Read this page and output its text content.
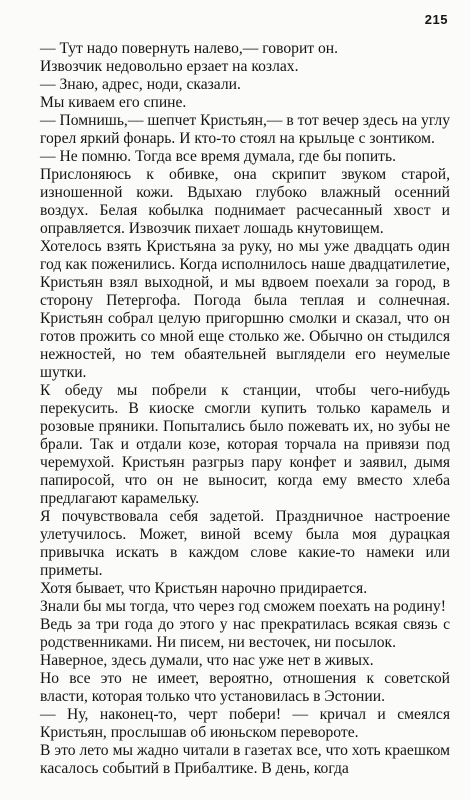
215

— Тут надо повернуть налево,— говорит он.

Извозчик недовольно ерзает на козлах.

— Знаю, адрес, ноди, сказали.

Мы киваем его спине.

— Помнишь,— шепчет Кристьян,— в тот вечер здесь на углу горел яркий фонарь. И кто-то стоял на крыльце с зонтиком.

— Не помню. Тогда все время думала, где бы попить.

Прислоняюсь к обивке, она скрипит звуком старой, изношенной кожи. Вдыхаю глубоко влажный осенний воздух. Белая кобылка поднимает расчесанный хвост и оправляется. Извозчик пихает лошадь кнутовищем.

Хотелось взять Кристьяна за руку, но мы уже двадцать один год как поженились. Когда исполнилось наше двадцатилетие, Кристьян взял выходной, и мы вдвоем поехали за город, в сторону Петергофа. Погода была теплая и солнечная. Кристьян собрал целую пригоршню смолки и сказал, что он готов прожить со мной еще столько же. Обычно он стыдился нежностей, но тем обаятельней выглядели его неумелые шутки.

К обеду мы побрели к станции, чтобы чего-нибудь перекусить. В киоске смогли купить только карамель и розовые пряники. Попытались было пожевать их, но зубы не брали. Так и отдали козе, которая торчала на привязи под черемухой. Кристьян разгрыз пару конфет и заявил, дымя папиросой, что он не выносит, когда ему вместо хлеба предлагают карамельку.

Я почувствовала себя задетой. Праздничное настроение улетучилось. Может, виной всему была моя дурацкая привычка искать в каждом слове какие-то намеки или приметы.

Хотя бывает, что Кристьян нарочно придирается.

Знали бы мы тогда, что через год сможем поехать на родину!

Ведь за три года до этого у нас прекратилась всякая связь с родственниками. Ни писем, ни весточек, ни посылок.

Наверное, здесь думали, что нас уже нет в живых.

Но все это не имеет, вероятно, отношения к советской власти, которая только что установилась в Эстонии.

— Ну, наконец-то, черт побери! — кричал и смеялся Кристьян, прослышав об июньском перевороте.

В это лето мы жадно читали в газетах все, что хоть краешком касалось событий в Прибалтике. В день, когда
